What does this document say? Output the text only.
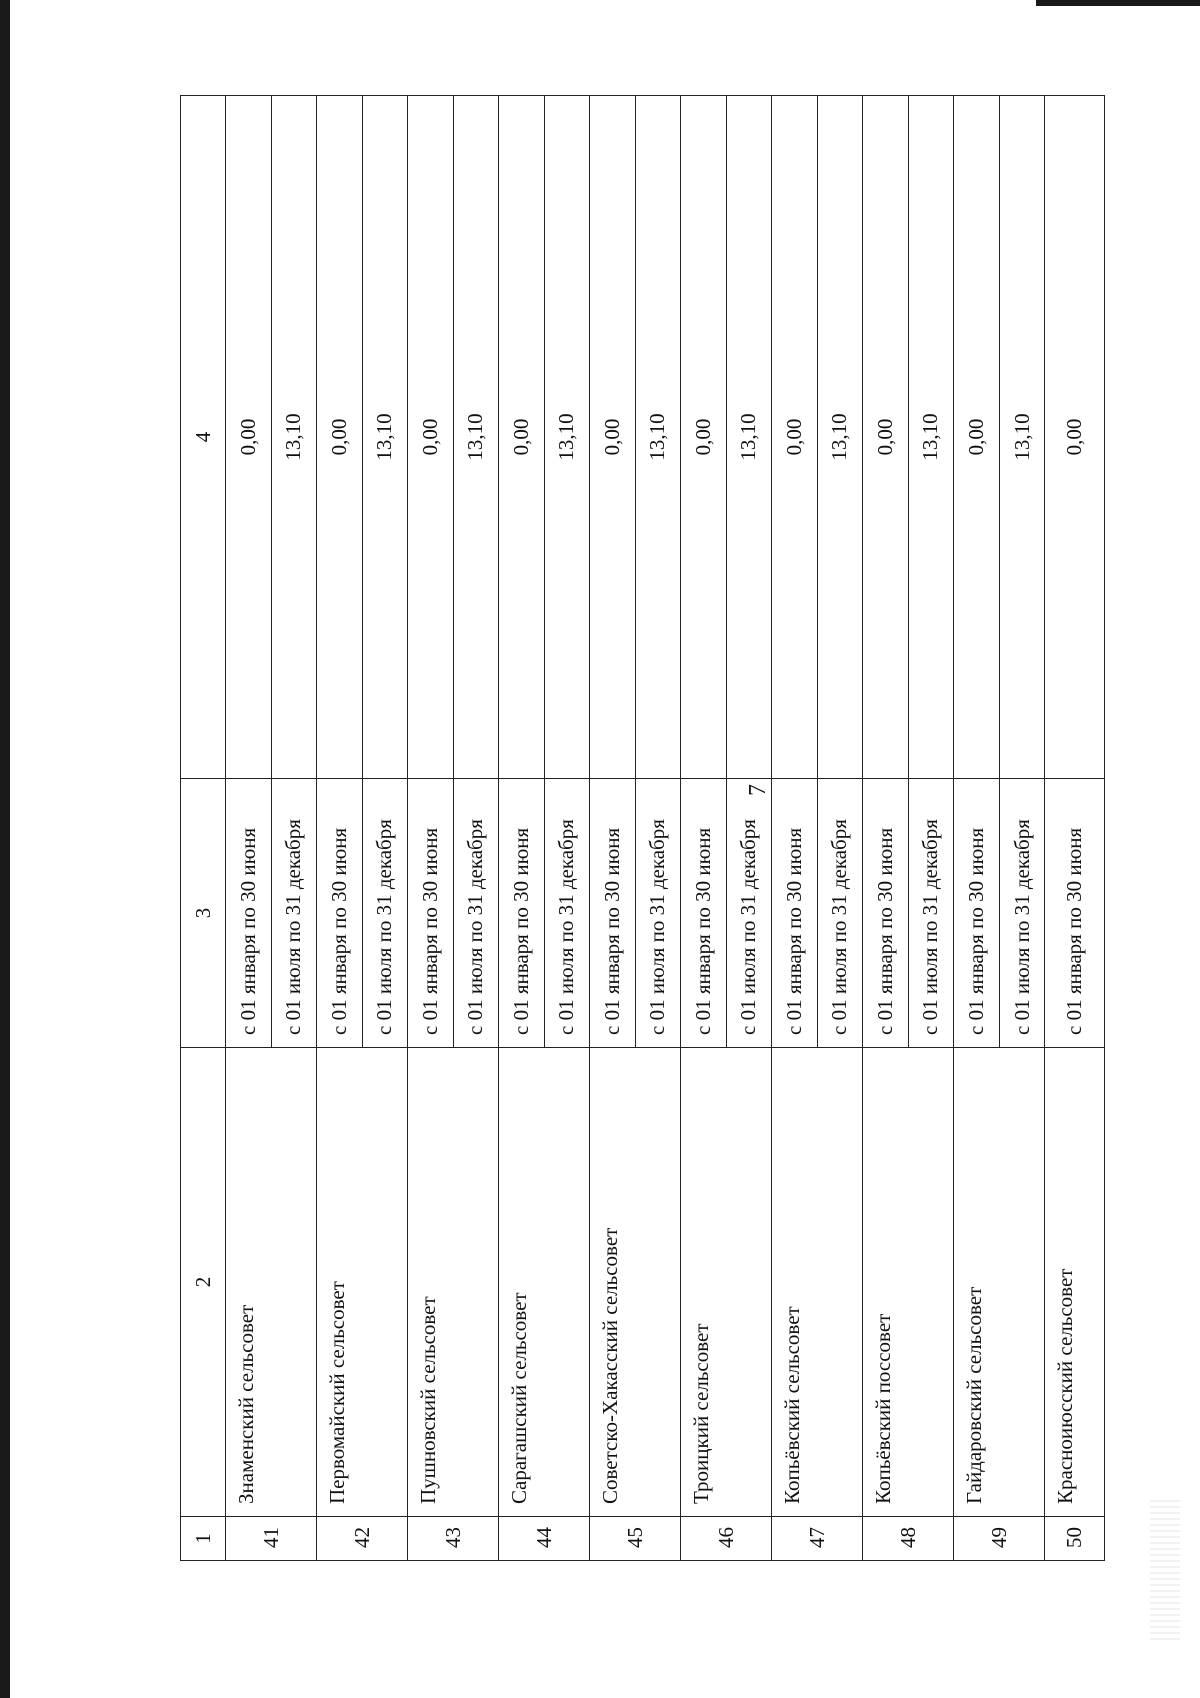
7
1	2	3	4
41	Знаменский сельсовет	с 01 января по 30 июня	0,00
		с 01 июля по 31 декабря	13,10
42	Первомайский сельсовет	с 01 января по 30 июня	0,00
		с 01 июля по 31 декабря	13,10
43	Пушновский сельсовет	с 01 января по 30 июня	0,00
		с 01 июля по 31 декабря	13,10
44	Сарагашский сельсовет	с 01 января по 30 июня	0,00
		с 01 июля по 31 декабря	13,10
45	Советско-Хакасский сельсовет	с 01 января по 30 июня	0,00
		с 01 июля по 31 декабря	13,10
46	Троицкий сельсовет	с 01 января по 30 июня	0,00
		с 01 июля по 31 декабря	13,10
47	Копьёвский сельсовет	с 01 января по 30 июня	0,00
		с 01 июля по 31 декабря	13,10
48	Копьёвский поссовет	с 01 января по 30 июня	0,00
		с 01 июля по 31 декабря	13,10
49	Гайдаровский сельсовет	с 01 января по 30 июня	0,00
		с 01 июля по 31 декабря	13,10
50	Красноиюсский сельсовет	с 01 января по 30 июня	0,00
